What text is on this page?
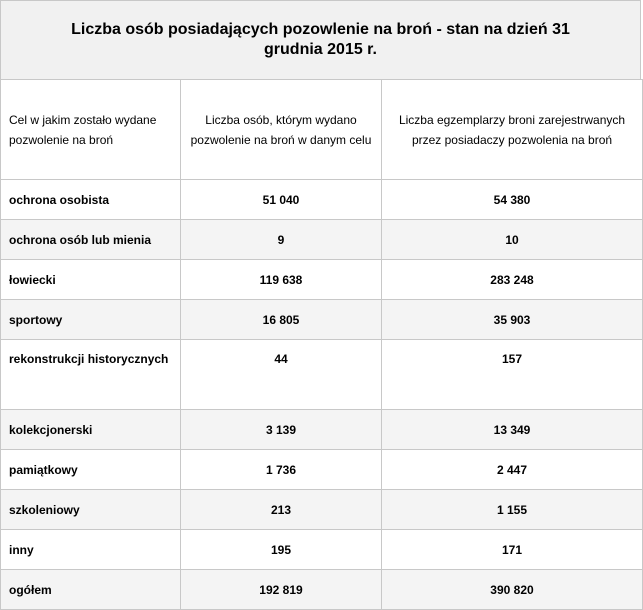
Liczba osób posiadających pozowlenie na broń - stan na dzień 31 grudnia 2015 r.
Cel w jakim zostało wydane pozwolenie na broń	Liczba osób, którym wydano pozwolenie na broń w danym celu	Liczba egzemplarzy broni zarejestrwanych przez posiadaczy pozwolenia na broń
ochrona osobista	51 040	54 380
ochrona osób lub mienia	9	10
łowiecki	119 638	283 248
sportowy	16 805	35 903
rekonstrukcji historycznych	44	157
kolekcjonerski	3 139	13 349
pamiątkowy	1 736	2 447
szkoleniowy	213	1 155
inny	195	171
ogółem	192 819	390 820
